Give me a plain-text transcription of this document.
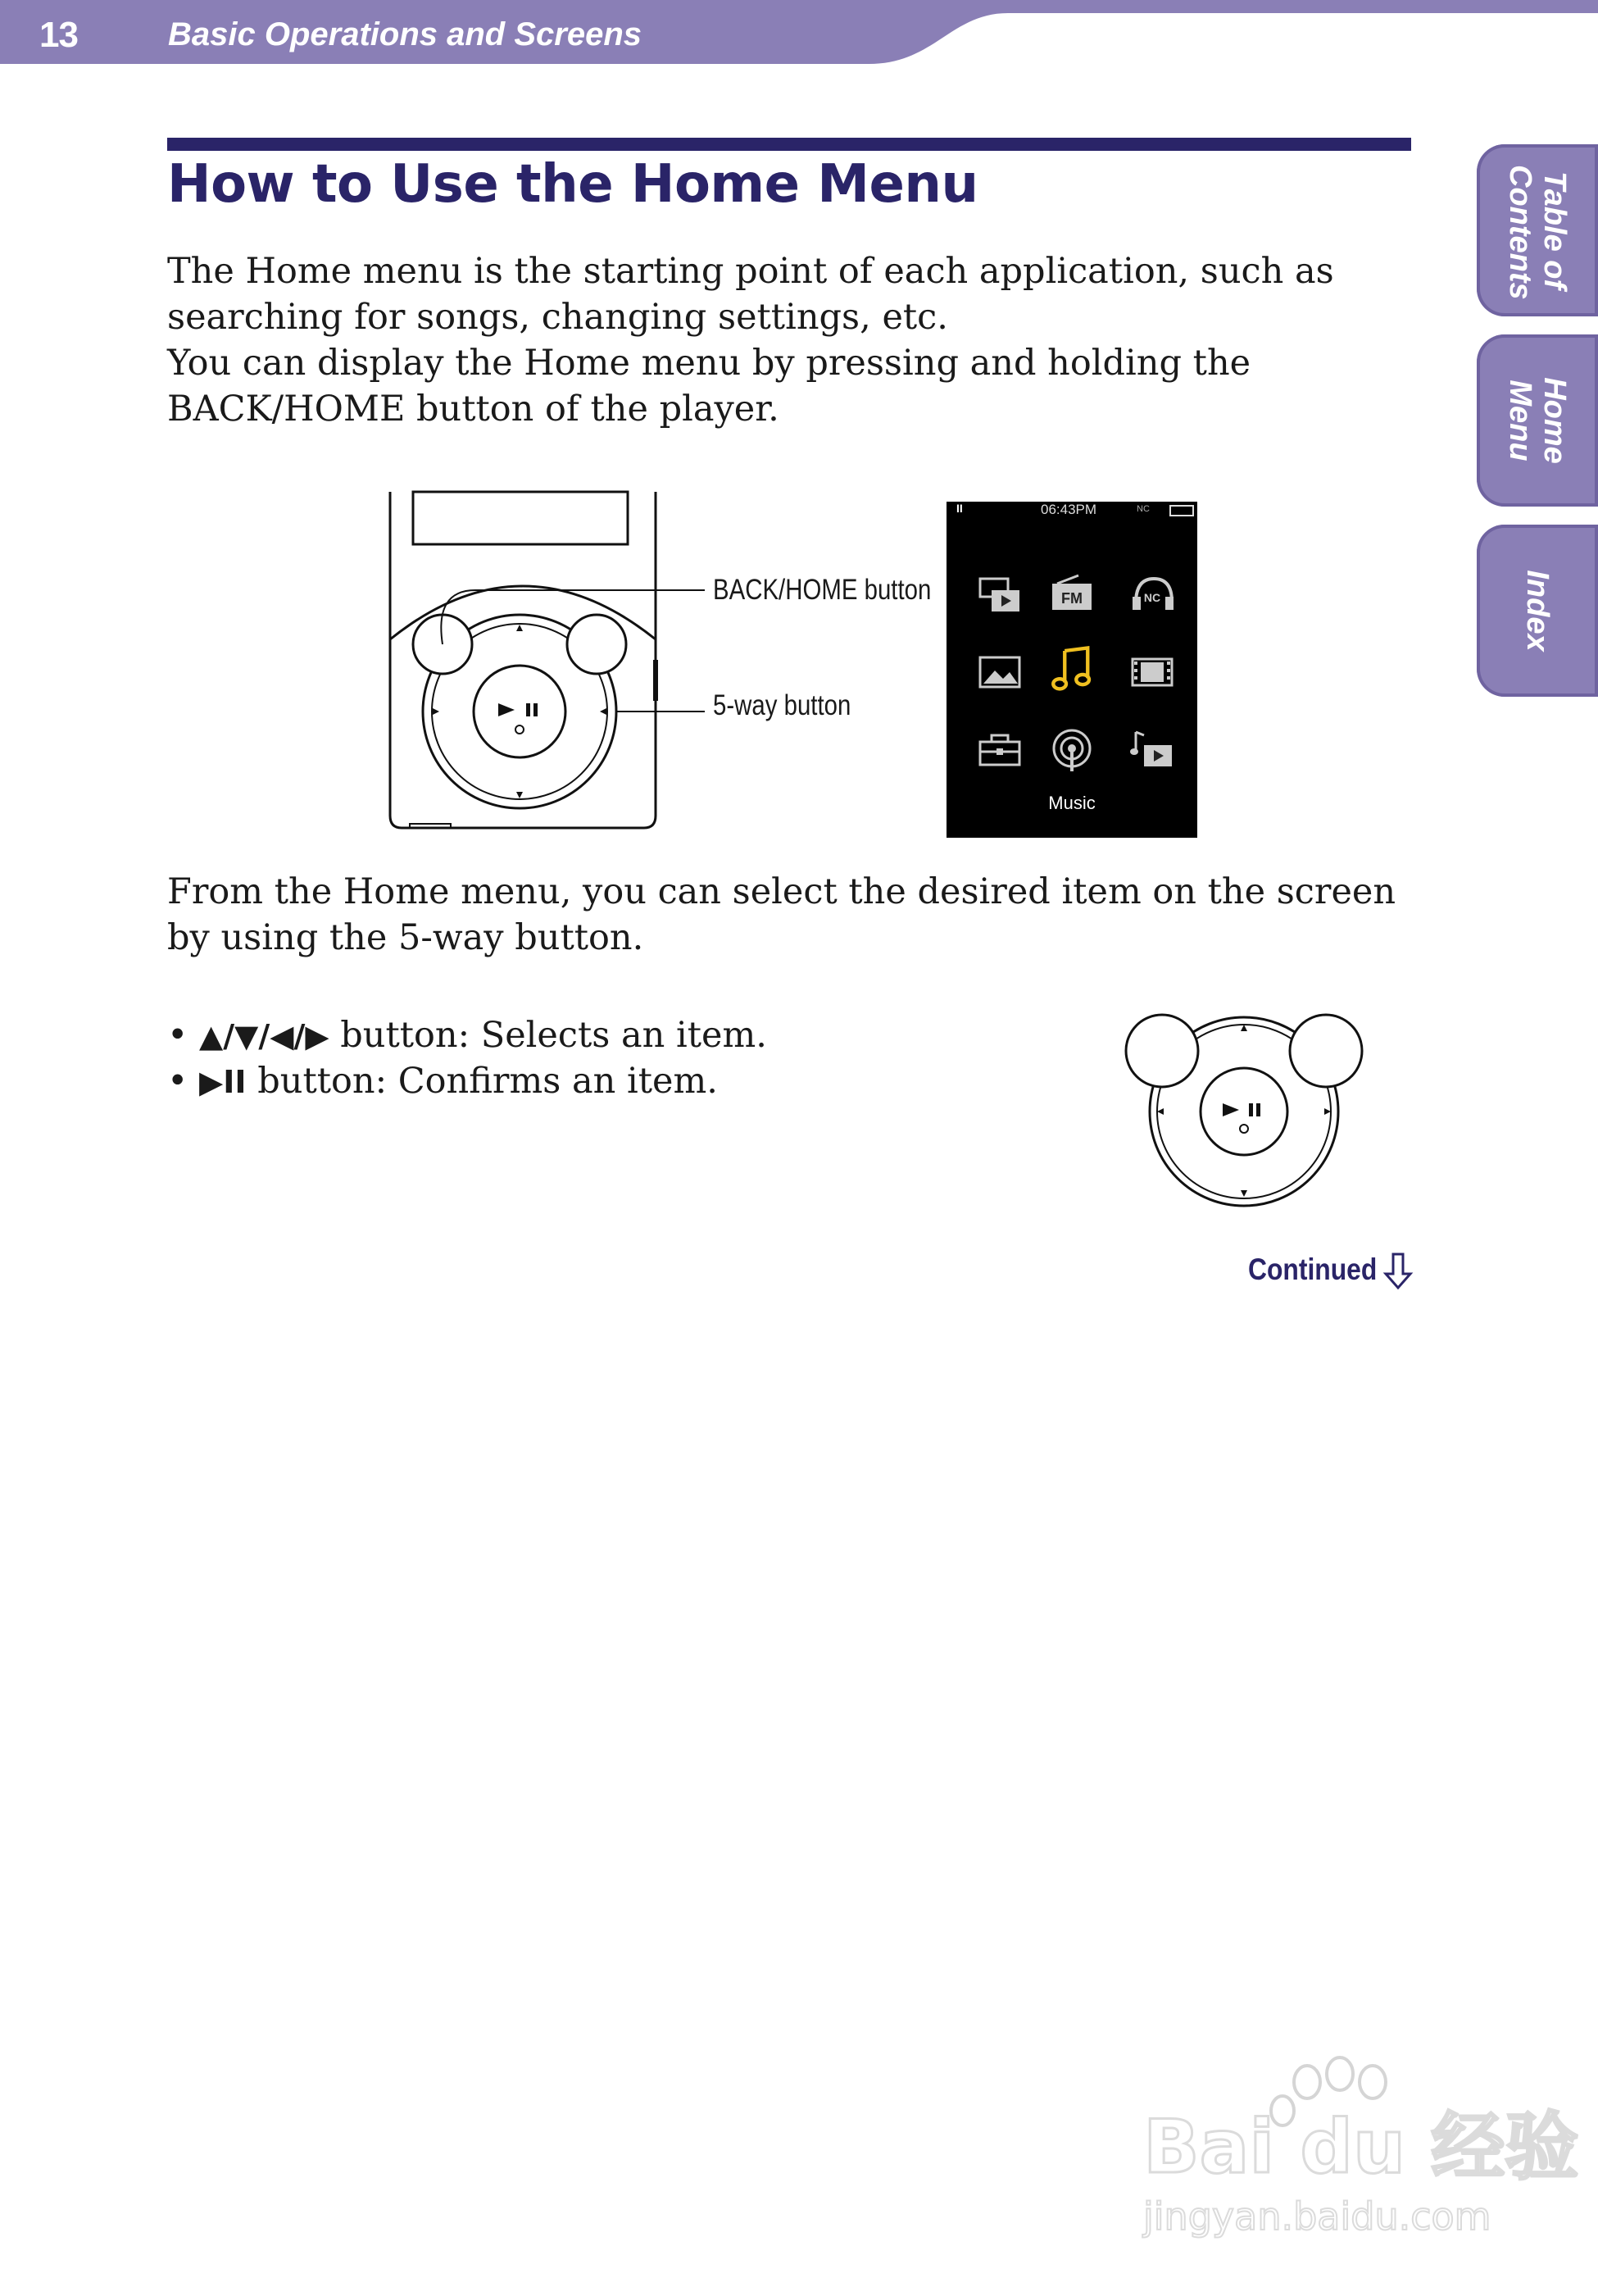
13	Basic Operations and Screens
How to Use the Home Menu
The Home menu is the starting point of each application, such as searching for songs, changing settings, etc.
You can display the Home menu by pressing and holding the BACK/HOME button of the player.
BACK/HOME button
5-way button
II	06:43PM	NC
FM	NC
Music
From the Home menu, you can select the desired item on the screen by using the 5-way button.
• ▲/▼/◀/▶ button: Selects an item.
• ▶II button: Confirms an item.
Continued
Table of Contents
Home Menu
Index
Bai du 经验
jingyan.baidu.com
